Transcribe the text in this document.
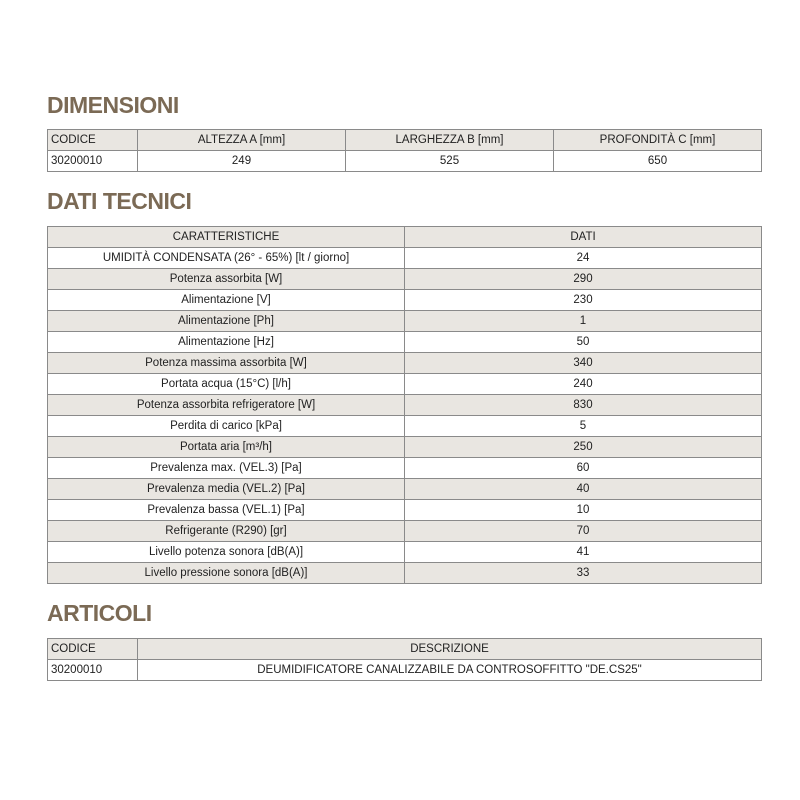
DIMENSIONI
CODICE	ALTEZZA A [mm]	LARGHEZZA B [mm]	PROFONDITÀ C [mm]
30200010	249	525	650
DATI TECNICI
CARATTERISTICHE	DATI
UMIDITÀ CONDENSATA (26° - 65%) [lt / giorno]	24
Potenza assorbita [W]	290
Alimentazione [V]	230
Alimentazione [Ph]	1
Alimentazione [Hz]	50
Potenza massima assorbita [W]	340
Portata acqua (15°C) [l/h]	240
Potenza assorbita refrigeratore [W]	830
Perdita di carico [kPa]	5
Portata aria [m³/h]	250
Prevalenza max. (VEL.3) [Pa]	60
Prevalenza media (VEL.2) [Pa]	40
Prevalenza bassa (VEL.1) [Pa]	10
Refrigerante (R290) [gr]	70
Livello potenza sonora [dB(A)]	41
Livello pressione sonora [dB(A)]	33
ARTICOLI
CODICE	DESCRIZIONE
30200010	DEUMIDIFICATORE CANALIZZABILE DA CONTROSOFFITTO "DE.CS25"
